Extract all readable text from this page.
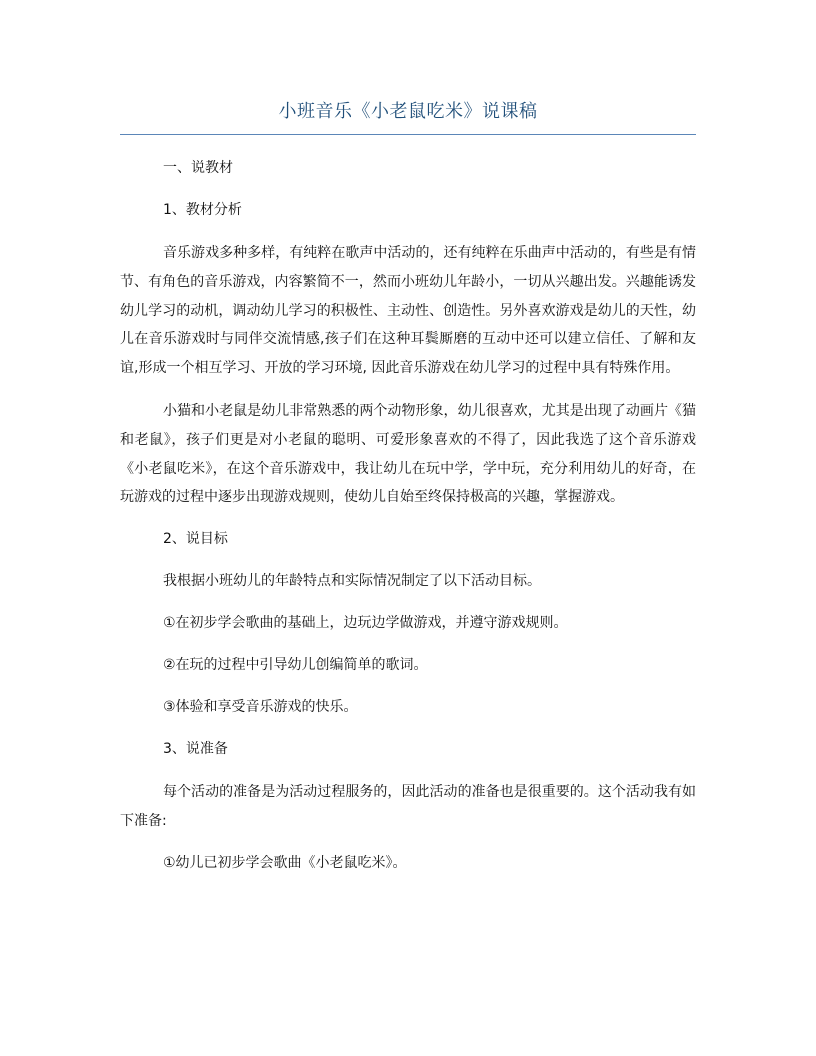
小班音乐《小老鼠吃米》说课稿

一、说教材

1、教材分析

音乐游戏多种多样，有纯粹在歌声中活动的，还有纯粹在乐曲声中活动的，有些是有情节、有角色的音乐游戏，内容繁简不一，然而小班幼儿年龄小，一切从兴趣出发。兴趣能诱发幼儿学习的动机，调动幼儿学习的积极性、主动性、创造性。另外喜欢游戏是幼儿的天性，幼儿在音乐游戏时与同伴交流情感,孩子们在这种耳鬓厮磨的互动中还可以建立信任、了解和友谊,形成一个相互学习、开放的学习环境, 因此音乐游戏在幼儿学习的过程中具有特殊作用。

小猫和小老鼠是幼儿非常熟悉的两个动物形象，幼儿很喜欢，尤其是出现了动画片《猫和老鼠》，孩子们更是对小老鼠的聪明、可爱形象喜欢的不得了，因此我选了这个音乐游戏《小老鼠吃米》，在这个音乐游戏中，我让幼儿在玩中学，学中玩，充分利用幼儿的好奇，在玩游戏的过程中逐步出现游戏规则，使幼儿自始至终保持极高的兴趣，掌握游戏。

2、说目标

我根据小班幼儿的年龄特点和实际情况制定了以下活动目标。

①在初步学会歌曲的基础上，边玩边学做游戏，并遵守游戏规则。

②在玩的过程中引导幼儿创编简单的歌词。

③体验和享受音乐游戏的快乐。

3、说准备

每个活动的准备是为活动过程服务的，因此活动的准备也是很重要的。这个活动我有如下准备:

①幼儿已初步学会歌曲《小老鼠吃米》。
